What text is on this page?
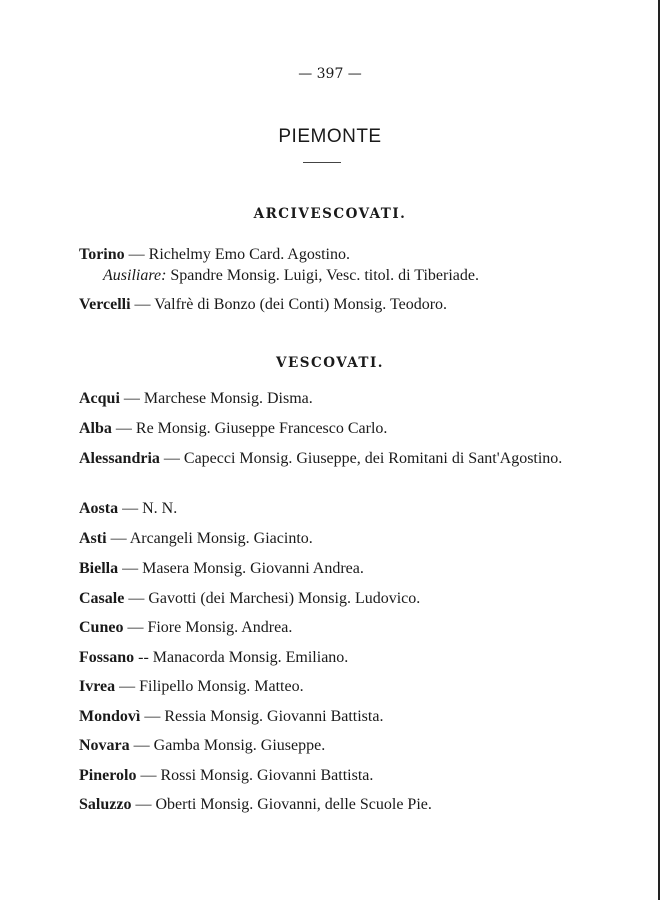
— 397 —
PIEMONTE
ARCIVESCOVATI.
Torino — Richelmy Emo Card. Agostino.
Ausiliare: Spandre Monsig. Luigi, Vesc. titol. di Tiberiade.
Vercelli — Valfrè di Bonzo (dei Conti) Monsig. Teodoro.
VESCOVATI.
Acqui — Marchese Monsig. Disma.
Alba — Re Monsig. Giuseppe Francesco Carlo.
Alessandria — Capecci Monsig. Giuseppe, dei Romitani di Sant'Agostino.
Aosta — N. N.
Asti — Arcangeli Monsig. Giacinto.
Biella — Masera Monsig. Giovanni Andrea.
Casale — Gavotti (dei Marchesi) Monsig. Ludovico.
Cuneo — Fiore Monsig. Andrea.
Fossano -- Manacorda Monsig. Emiliano.
Ivrea — Filipello Monsig. Matteo.
Mondovì — Ressia Monsig. Giovanni Battista.
Novara — Gamba Monsig. Giuseppe.
Pinerolo — Rossi Monsig. Giovanni Battista.
Saluzzo — Oberti Monsig. Giovanni, delle Scuole Pie.
